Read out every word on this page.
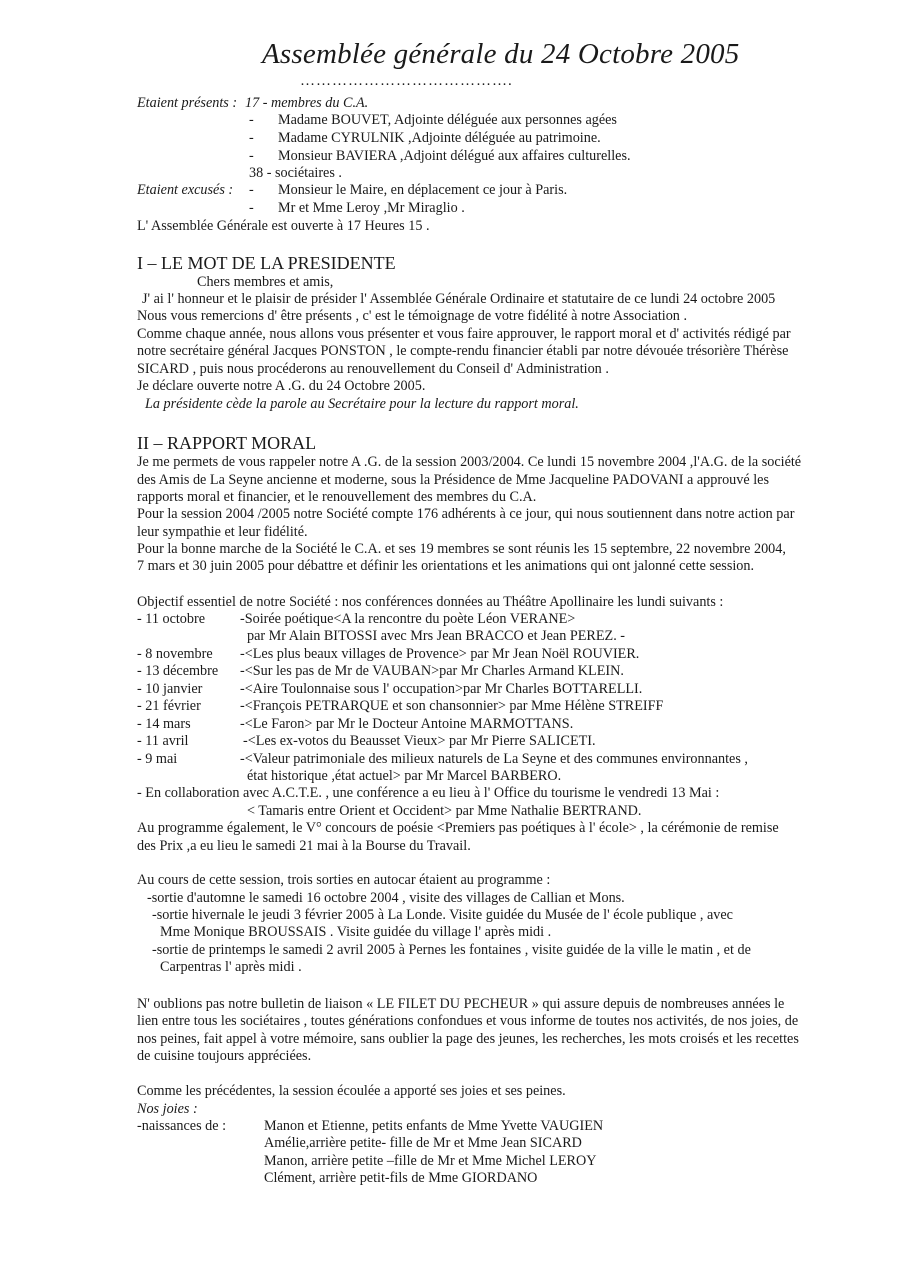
Assemblée générale du 24 Octobre 2005
………………………………….
Etaient présents : 17 - membres du C.A.
- Madame BOUVET, Adjointe déléguée aux personnes agées
- Madame CYRULNIK ,Adjointe déléguée au patrimoine.
- Monsieur BAVIERA ,Adjoint délégué aux affaires culturelles.
38 - sociétaires .
Etaient excusés : - Monsieur le Maire, en déplacement ce jour à Paris.
- Mr et Mme Leroy ,Mr Miraglio .
L' Assemblée Générale est ouverte à 17 Heures 15 .
I – LE MOT DE LA PRESIDENTE
Chers membres et amis,
J' ai l' honneur et le plaisir de présider l' Assemblée Générale Ordinaire et statutaire de ce lundi 24 octobre 2005
Nous vous remercions d' être présents , c' est le témoignage de votre fidélité à notre Association .
Comme chaque année, nous allons vous présenter et vous faire approuver, le rapport moral et d' activités rédigé par
notre secrétaire général Jacques PONSTON , le compte-rendu financier établi par notre dévouée trésorière Thérèse
SICARD , puis nous procéderons au renouvellement du Conseil d' Administration .
Je déclare ouverte notre A .G. du 24 Octobre 2005.
La présidente cède la parole au Secrétaire pour la lecture du rapport moral.
II – RAPPORT MORAL
Je me permets de vous rappeler notre A .G. de la session 2003/2004. Ce lundi 15 novembre 2004 ,l'A.G. de la société
des Amis de La Seyne ancienne et moderne, sous la Présidence de Mme Jacqueline PADOVANI a approuvé les
rapports moral et financier, et le renouvellement des membres du C.A.
Pour la session 2004 /2005 notre Société compte 176 adhérents à ce jour, qui nous soutiennent dans notre action par
leur sympathie et leur fidélité.
Pour la bonne marche de la Société le C.A. et ses 19 membres se sont réunis les 15 septembre, 22 novembre 2004,
7 mars et 30 juin 2005 pour débattre et définir les orientations et les animations qui ont jalonné cette session.
Objectif essentiel de notre Société : nos conférences données au Théâtre Apollinaire les lundi suivants :
- 11 octobre -Soirée poétique<A la rencontre du poète Léon VERANE>
par Mr Alain BITOSSI avec Mrs Jean BRACCO et Jean PEREZ. -
- 8 novembre -<Les plus beaux villages de Provence> par Mr Jean Noël ROUVIER.
- 13 décembre -<Sur les pas de Mr de VAUBAN>par Mr Charles Armand KLEIN.
- 10 janvier	-<Aire Toulonnaise sous l' occupation>par Mr Charles BOTTARELLI.
- 21 février	-<François PETRARQUE et son chansonnier> par Mme Hélène STREIFF
- 14 mars	-<Le Faron> par Mr le Docteur Antoine MARMOTTANS.
- 11 avril	-<Les ex-votos du Beausset Vieux> par Mr Pierre SALICETI.
- 9 mai	-<Valeur patrimoniale des milieux naturels de La Seyne et des communes environnantes ,
état historique ,état actuel> par Mr Marcel BARBERO.
- En collaboration avec A.C.T.E. , une conférence a eu lieu à l' Office du tourisme le vendredi 13 Mai :
< Tamaris entre Orient et Occident> par Mme Nathalie BERTRAND.
Au programme également, le V° concours de poésie <Premiers pas poétiques à l' école> , la cérémonie de remise
des Prix ,a eu lieu le samedi 21 mai à la Bourse du Travail.
Au cours de cette session, trois sorties en autocar étaient au programme :
-sortie d'automne le samedi 16 octobre 2004 , visite des villages de Callian et Mons.
-sortie hivernale le jeudi 3 février 2005 à La Londe. Visite guidée du Musée de l' école publique , avec
Mme Monique BROUSSAIS . Visite guidée du village l' après midi .
-sortie de printemps le samedi 2 avril 2005 à Pernes les fontaines , visite guidée de la ville le matin , et de
Carpentras l' après midi .
N' oublions pas notre bulletin de liaison « LE FILET DU PECHEUR » qui assure depuis de nombreuses années le
lien entre tous les sociétaires , toutes générations confondues et vous informe de toutes nos activités, de nos joies, de
nos peines, fait appel à votre mémoire, sans oublier la page des jeunes, les recherches, les mots croisés et les recettes
de cuisine toujours appréciées.
Comme les précédentes, la session écoulée a apporté ses joies et ses peines.
Nos joies :
-naissances de :	Manon et Etienne, petits enfants de Mme Yvette VAUGIEN
Amélie,arrière petite- fille de Mr et Mme Jean SICARD
Manon, arrière petite –fille de Mr et Mme Michel LEROY
Clément, arrière petit-fils de Mme GIORDANO
